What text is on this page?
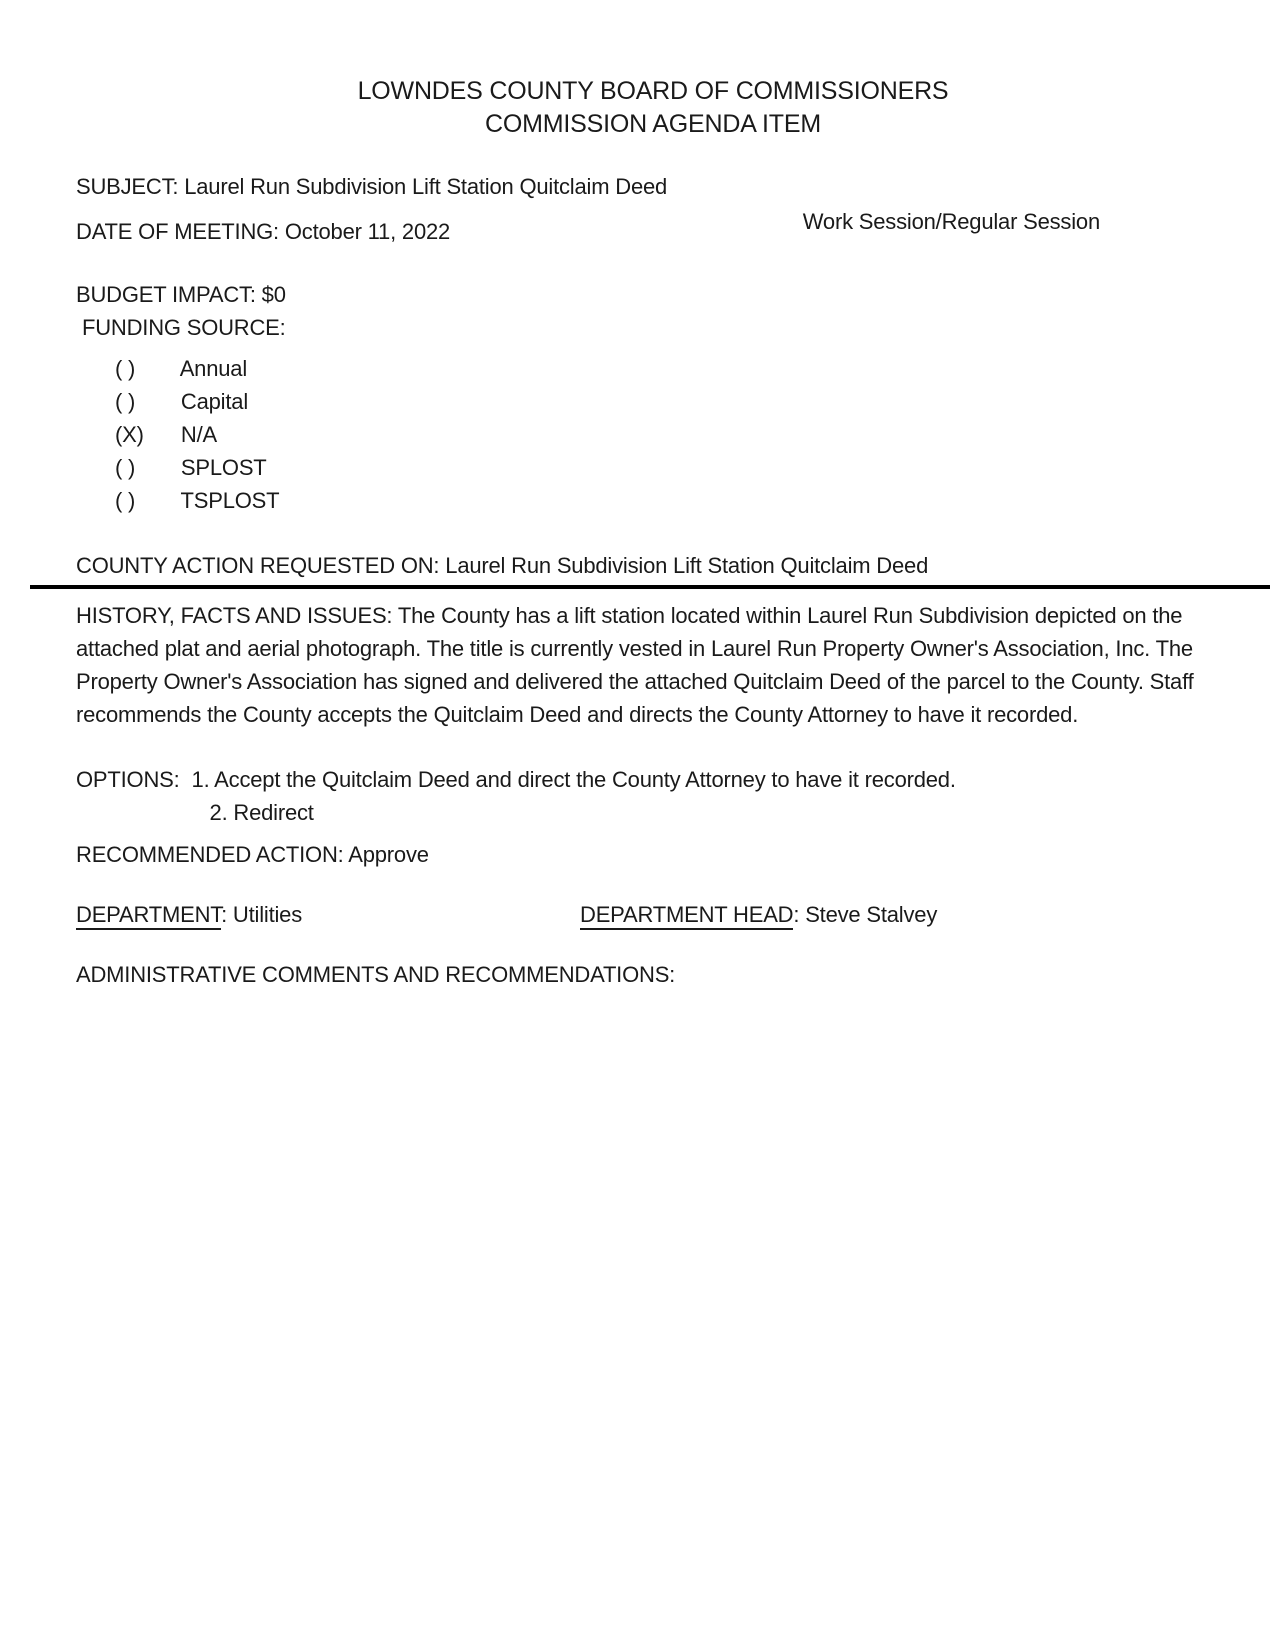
LOWNDES COUNTY BOARD OF COMMISSIONERS
COMMISSION AGENDA ITEM
SUBJECT: Laurel Run Subdivision Lift Station Quitclaim Deed
DATE OF MEETING: October 11, 2022	Work Session/Regular Session
BUDGET IMPACT: $0
FUNDING SOURCE:
( ) Annual
( ) Capital
(X) N/A
( ) SPLOST
( ) TSPLOST
COUNTY ACTION REQUESTED ON: Laurel Run Subdivision Lift Station Quitclaim Deed

HISTORY, FACTS AND ISSUES: The County has a lift station located within Laurel Run Subdivision depicted on the attached plat and aerial photograph. The title is currently vested in Laurel Run Property Owner's Association, Inc. The Property Owner's Association has signed and delivered the attached Quitclaim Deed of the parcel to the County. Staff recommends the County accepts the Quitclaim Deed and directs the County Attorney to have it recorded.

OPTIONS: 1. Accept the Quitclaim Deed and direct the County Attorney to have it recorded.
2. Redirect
RECOMMENDED ACTION: Approve
DEPARTMENT: Utilities	DEPARTMENT HEAD: Steve Stalvey
ADMINISTRATIVE COMMENTS AND RECOMMENDATIONS:
